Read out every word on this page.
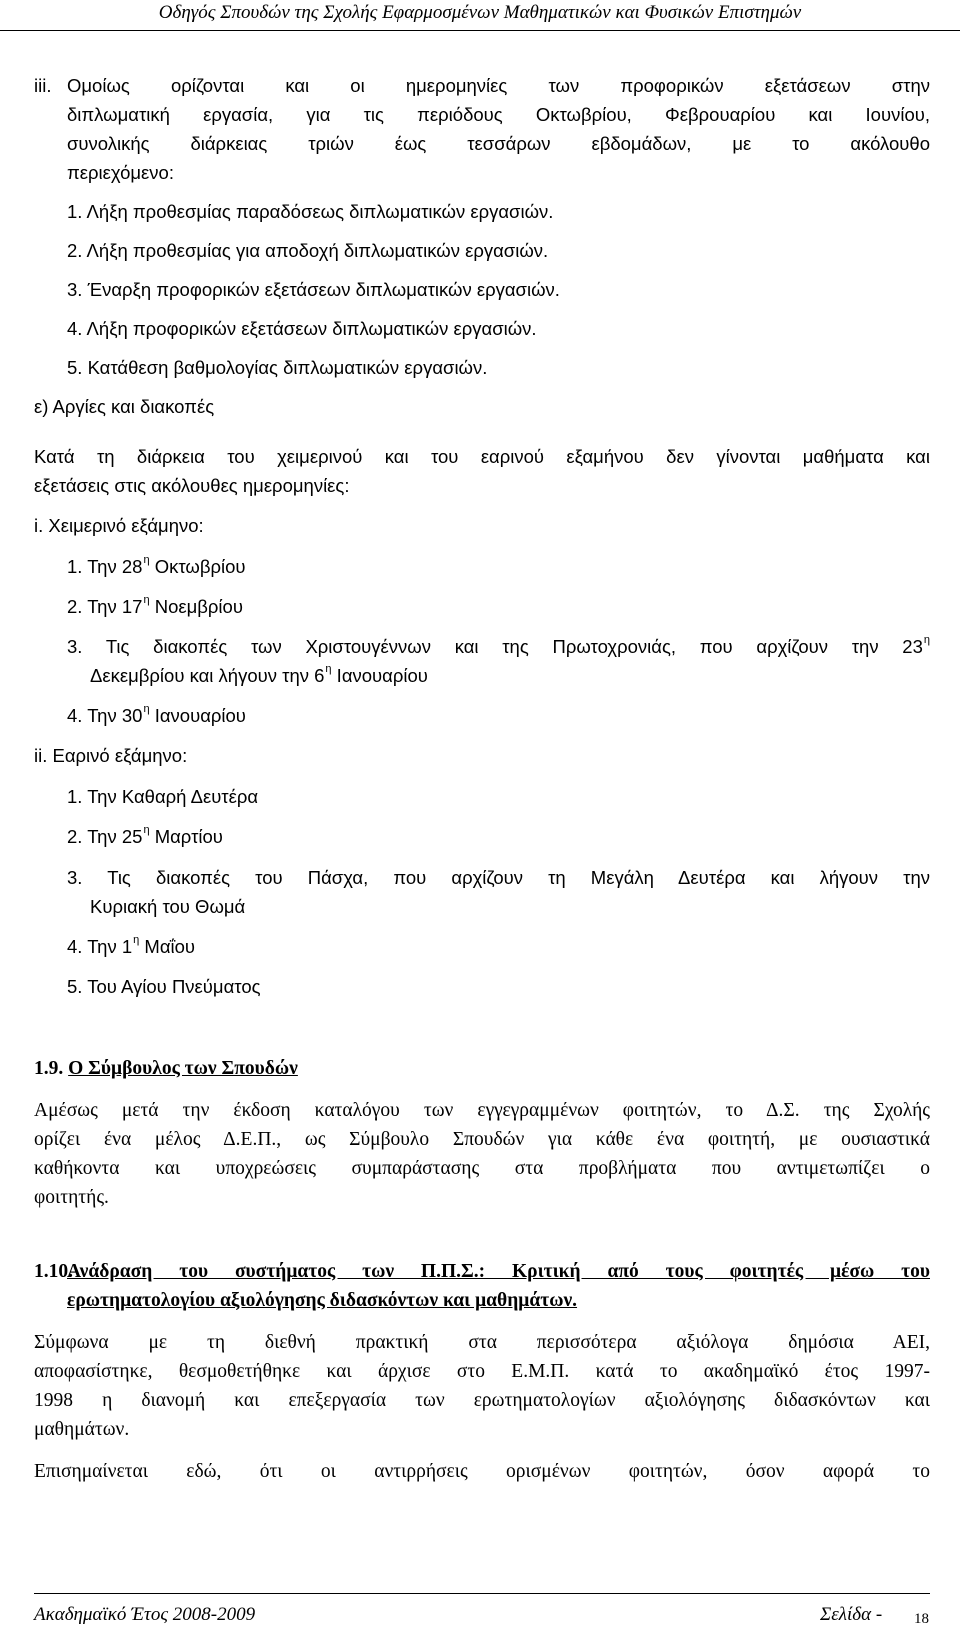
Οδηγός Σπουδών της Σχολής Εφαρμοσμένων Μαθηματικών και Φυσικών Επιστημών
iii. Ομοίως ορίζονται και οι ημερομηνίες των προφορικών εξετάσεων στην
διπλωματική εργασία, για τις περιόδους Οκτωβρίου, Φεβρουαρίου και Ιουνίου,
συνολικής διάρκειας τριών έως τεσσάρων εβδομάδων, με το ακόλουθο
περιεχόμενο:
1. Λήξη προθεσμίας παραδόσεως διπλωματικών εργασιών.
2. Λήξη προθεσμίας για αποδοχή διπλωματικών εργασιών.
3. Έναρξη προφορικών εξετάσεων διπλωματικών εργασιών.
4. Λήξη προφορικών εξετάσεων διπλωματικών εργασιών.
5. Κατάθεση βαθμολογίας διπλωματικών εργασιών.
ε) Αργίες και διακοπές
Κατά τη διάρκεια του χειμερινού και του εαρινού εξαμήνου δεν γίνονται μαθήματα και
εξετάσεις στις ακόλουθες ημερομηνίες:
i. Χειμερινό εξάμηνο:
1. Την $28^\eta$ Οκτωβρίου
2. Την $17^\eta$ Νοεμβρίου
3. Τις διακοπές των Χριστουγέννων και της Πρωτοχρονιάς, που αρχίζουν την $23^\eta$
Δεκεμβρίου και λήγουν την $6^\eta$ Ιανουαρίου
4. Την $30^\eta$ Ιανουαρίου
ii. Εαρινό εξάμηνο:
1. Την Καθαρή Δευτέρα
2. Την $25^\eta$ Μαρτίου
3. Τις διακοπές του Πάσχα, που αρχίζουν τη Μεγάλη Δευτέρα και λήγουν την
Κυριακή του Θωμά
4. Την $1^\eta$ Μαΐου
5. Του Αγίου Πνεύματος
1.9. Ο Σύμβουλος των Σπουδών
Αμέσως μετά την έκδοση καταλόγου των εγγεγραμμένων φοιτητών, το Δ.Σ. της Σχολής
ορίζει ένα μέλος Δ.Ε.Π., ως Σύμβουλο Σπουδών για κάθε ένα φοιτητή, με ουσιαστικά
καθήκοντα και υποχρεώσεις συμπαράστασης στα προβλήματα που αντιμετωπίζει ο
φοιτητής.
1.10.
Ανάδραση του συστήματος των Π.Π.Σ.: Κριτική από τους φοιτητές μέσω του
ερωτηματολογίου αξιολόγησης διδασκόντων και μαθημάτων.
Σύμφωνα με τη διεθνή πρακτική στα περισσότερα αξιόλογα δημόσια ΑΕΙ,
αποφασίστηκε, θεσμοθετήθηκε και άρχισε στο Ε.Μ.Π. κατά το ακαδημαϊκό έτος 1997-
1998 η διανομή και επεξεργασία των ερωτηματολογίων αξιολόγησης διδασκόντων και
μαθημάτων.
Επισημαίνεται εδώ, ότι οι αντιρρήσεις ορισμένων φοιτητών, όσον αφορά το
Ακαδημαϊκό Έτος 2008-2009	Σελίδα - 18
